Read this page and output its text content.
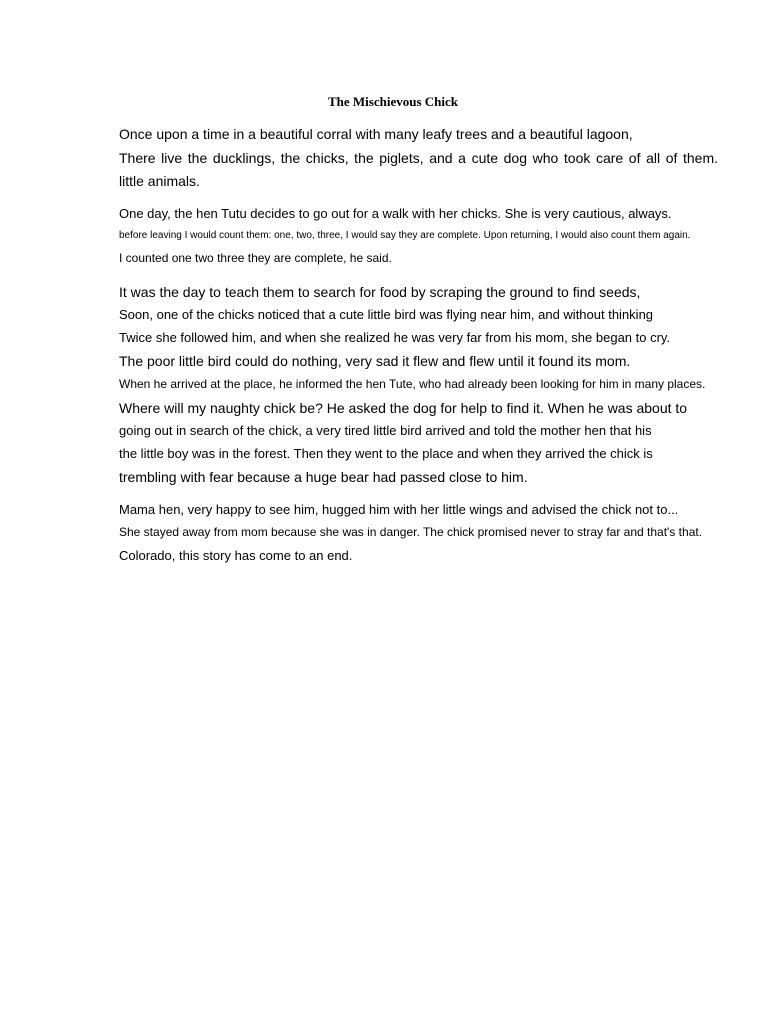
The Mischievous Chick
Once upon a time in a beautiful corral with many leafy trees and a beautiful lagoon,
There live the ducklings, the chicks, the piglets, and a cute dog who took care of all of them.
little animals.
One day, the hen Tutu decides to go out for a walk with her chicks. She is very cautious, always.
before leaving I would count them: one, two, three, I would say they are complete. Upon returning, I would also count them again.
I counted one two three they are complete, he said.
It was the day to teach them to search for food by scraping the ground to find seeds,
Soon, one of the chicks noticed that a cute little bird was flying near him, and without thinking
Twice she followed him, and when she realized he was very far from his mom, she began to cry.
The poor little bird could do nothing, very sad it flew and flew until it found its mom.
When he arrived at the place, he informed the hen Tute, who had already been looking for him in many places.
Where will my naughty chick be? He asked the dog for help to find it. When he was about to
going out in search of the chick, a very tired little bird arrived and told the mother hen that his
the little boy was in the forest. Then they went to the place and when they arrived the chick is
trembling with fear because a huge bear had passed close to him.
Mama hen, very happy to see him, hugged him with her little wings and advised the chick not to...
She stayed away from mom because she was in danger. The chick promised never to stray far and that's that.
Colorado, this story has come to an end.
